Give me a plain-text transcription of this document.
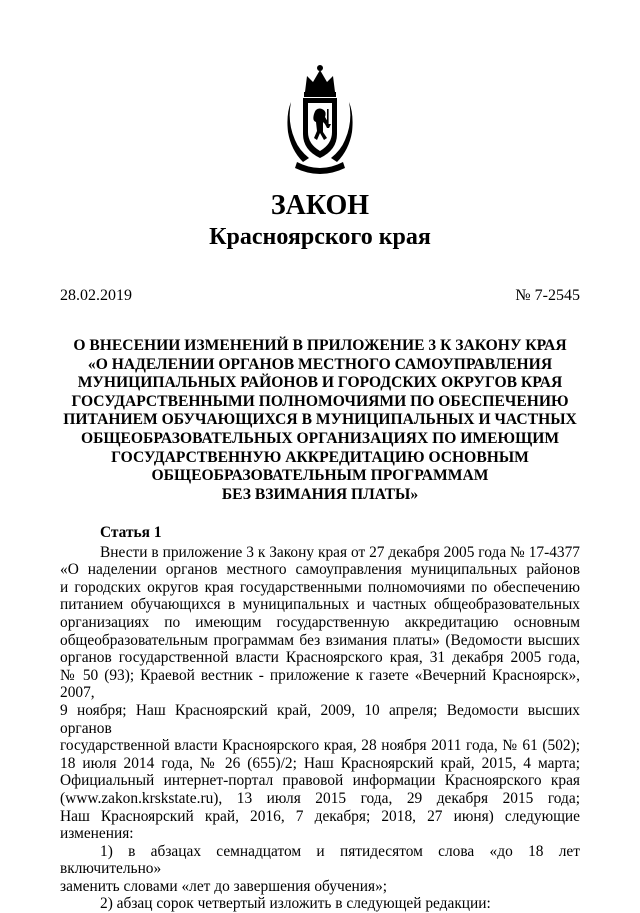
ЗАКОН
Красноярского края
28.02.2019	№ 7-2545
О ВНЕСЕНИИ ИЗМЕНЕНИЙ В ПРИЛОЖЕНИЕ 3 К ЗАКОНУ КРАЯ
«О НАДЕЛЕНИИ ОРГАНОВ МЕСТНОГО САМОУПРАВЛЕНИЯ
МУНИЦИПАЛЬНЫХ РАЙОНОВ И ГОРОДСКИХ ОКРУГОВ КРАЯ
ГОСУДАРСТВЕННЫМИ ПОЛНОМОЧИЯМИ ПО ОБЕСПЕЧЕНИЮ
ПИТАНИЕМ ОБУЧАЮЩИХСЯ В МУНИЦИПАЛЬНЫХ И ЧАСТНЫХ
ОБЩЕОБРАЗОВАТЕЛЬНЫХ ОРГАНИЗАЦИЯХ ПО ИМЕЮЩИМ
ГОСУДАРСТВЕННУЮ АККРЕДИТАЦИЮ ОСНОВНЫМ
ОБЩЕОБРАЗОВАТЕЛЬНЫМ ПРОГРАММАМ
БЕЗ ВЗИМАНИЯ ПЛАТЫ»
Статья 1
Внести в приложение 3 к Закону края от 27 декабря 2005 года № 17-4377
«О наделении органов местного самоуправления муниципальных районов
и городских округов края государственными полномочиями по обеспечению
питанием обучающихся в муниципальных и частных общеобразовательных
организациях по имеющим государственную аккредитацию основным
общеобразовательным программам без взимания платы» (Ведомости высших
органов государственной власти Красноярского края, 31 декабря 2005 года,
№ 50 (93); Краевой вестник - приложение к газете «Вечерний Красноярск», 2007,
9 ноября; Наш Красноярский край, 2009, 10 апреля; Ведомости высших органов
государственной власти Красноярского края, 28 ноября 2011 года, № 61 (502);
18 июля 2014 года, № 26 (655)/2; Наш Красноярский край, 2015, 4 марта;
Официальный интернет-портал правовой информации Красноярского края
(www.zakon.krskstate.ru), 13 июля 2015 года, 29 декабря 2015 года;
Наш Красноярский край, 2016, 7 декабря; 2018, 27 июня) следующие изменения:
1) в абзацах семнадцатом и пятидесятом слова «до 18 лет включительно»
заменить словами «лет до завершения обучения»;
2) абзац сорок четвертый изложить в следующей редакции:
